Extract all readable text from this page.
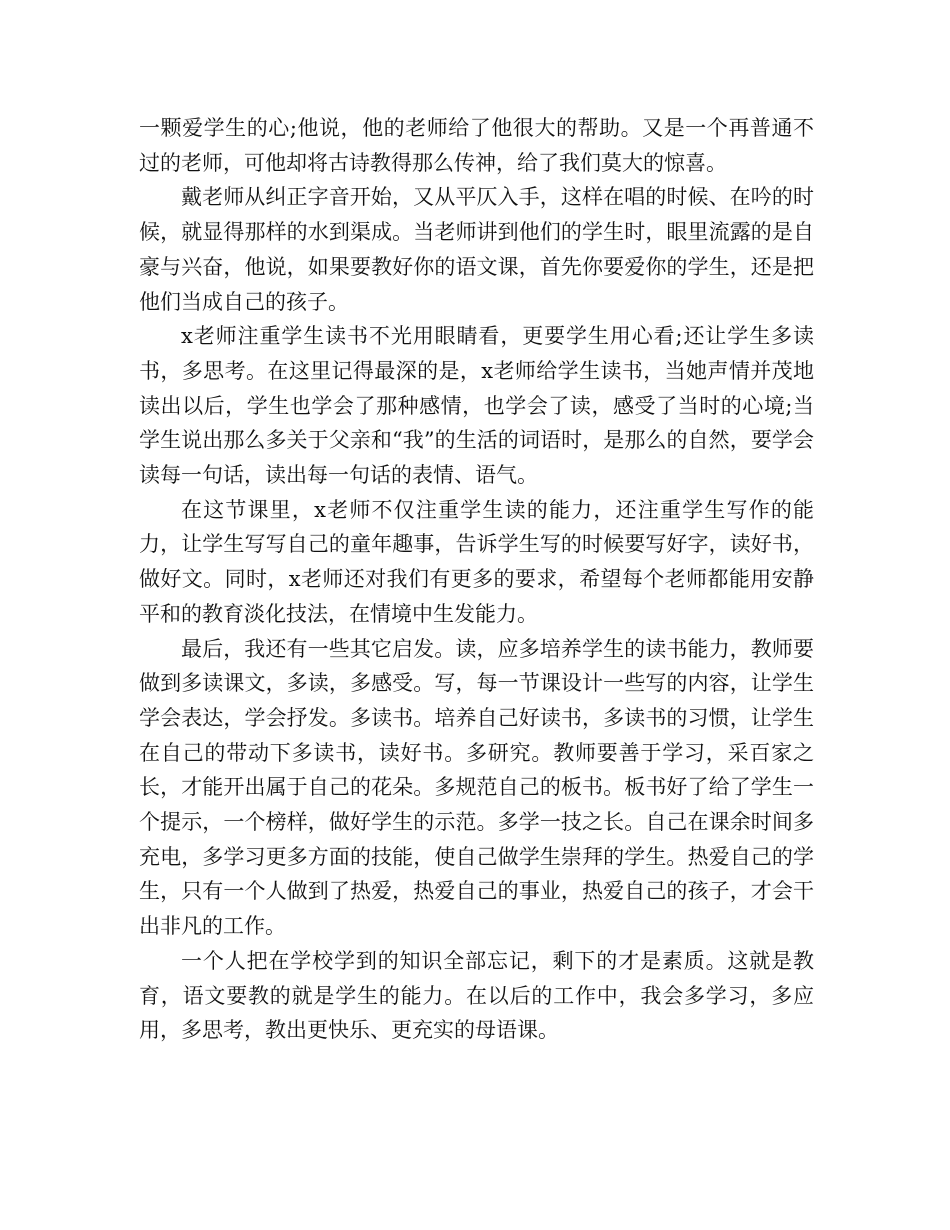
一颗爱学生的心;他说，他的老师给了他很大的帮助。又是一个再普通不过的老师，可他却将古诗教得那么传神，给了我们莫大的惊喜。

戴老师从纠正字音开始，又从平仄入手，这样在唱的时候、在吟的时候，就显得那样的水到渠成。当老师讲到他们的学生时，眼里流露的是自豪与兴奋，他说，如果要教好你的语文课，首先你要爱你的学生，还是把他们当成自己的孩子。

x老师注重学生读书不光用眼睛看，更要学生用心看;还让学生多读书，多思考。在这里记得最深的是，x老师给学生读书，当她声情并茂地读出以后，学生也学会了那种感情，也学会了读，感受了当时的心境;当学生说出那么多关于父亲和“我”的生活的词语时，是那么的自然，要学会读每一句话，读出每一句话的表情、语气。

在这节课里，x老师不仅注重学生读的能力，还注重学生写作的能力，让学生写写自己的童年趣事，告诉学生写的时候要写好字，读好书，做好文。同时，x老师还对我们有更多的要求，希望每个老师都能用安静平和的教育淡化技法，在情境中生发能力。

最后，我还有一些其它启发。读，应多培养学生的读书能力，教师要做到多读课文，多读，多感受。写，每一节课设计一些写的内容，让学生学会表达，学会抒发。多读书。培养自己好读书，多读书的习惯，让学生在自己的带动下多读书，读好书。多研究。教师要善于学习，采百家之长，才能开出属于自己的花朵。多规范自己的板书。板书好了给了学生一个提示，一个榜样，做好学生的示范。多学一技之长。自己在课余时间多充电，多学习更多方面的技能，使自己做学生崇拜的学生。热爱自己的学生，只有一个人做到了热爱，热爱自己的事业，热爱自己的孩子，才会干出非凡的工作。

一个人把在学校学到的知识全部忘记，剩下的才是素质。这就是教育，语文要教的就是学生的能力。在以后的工作中，我会多学习，多应用，多思考，教出更快乐、更充实的母语课。
